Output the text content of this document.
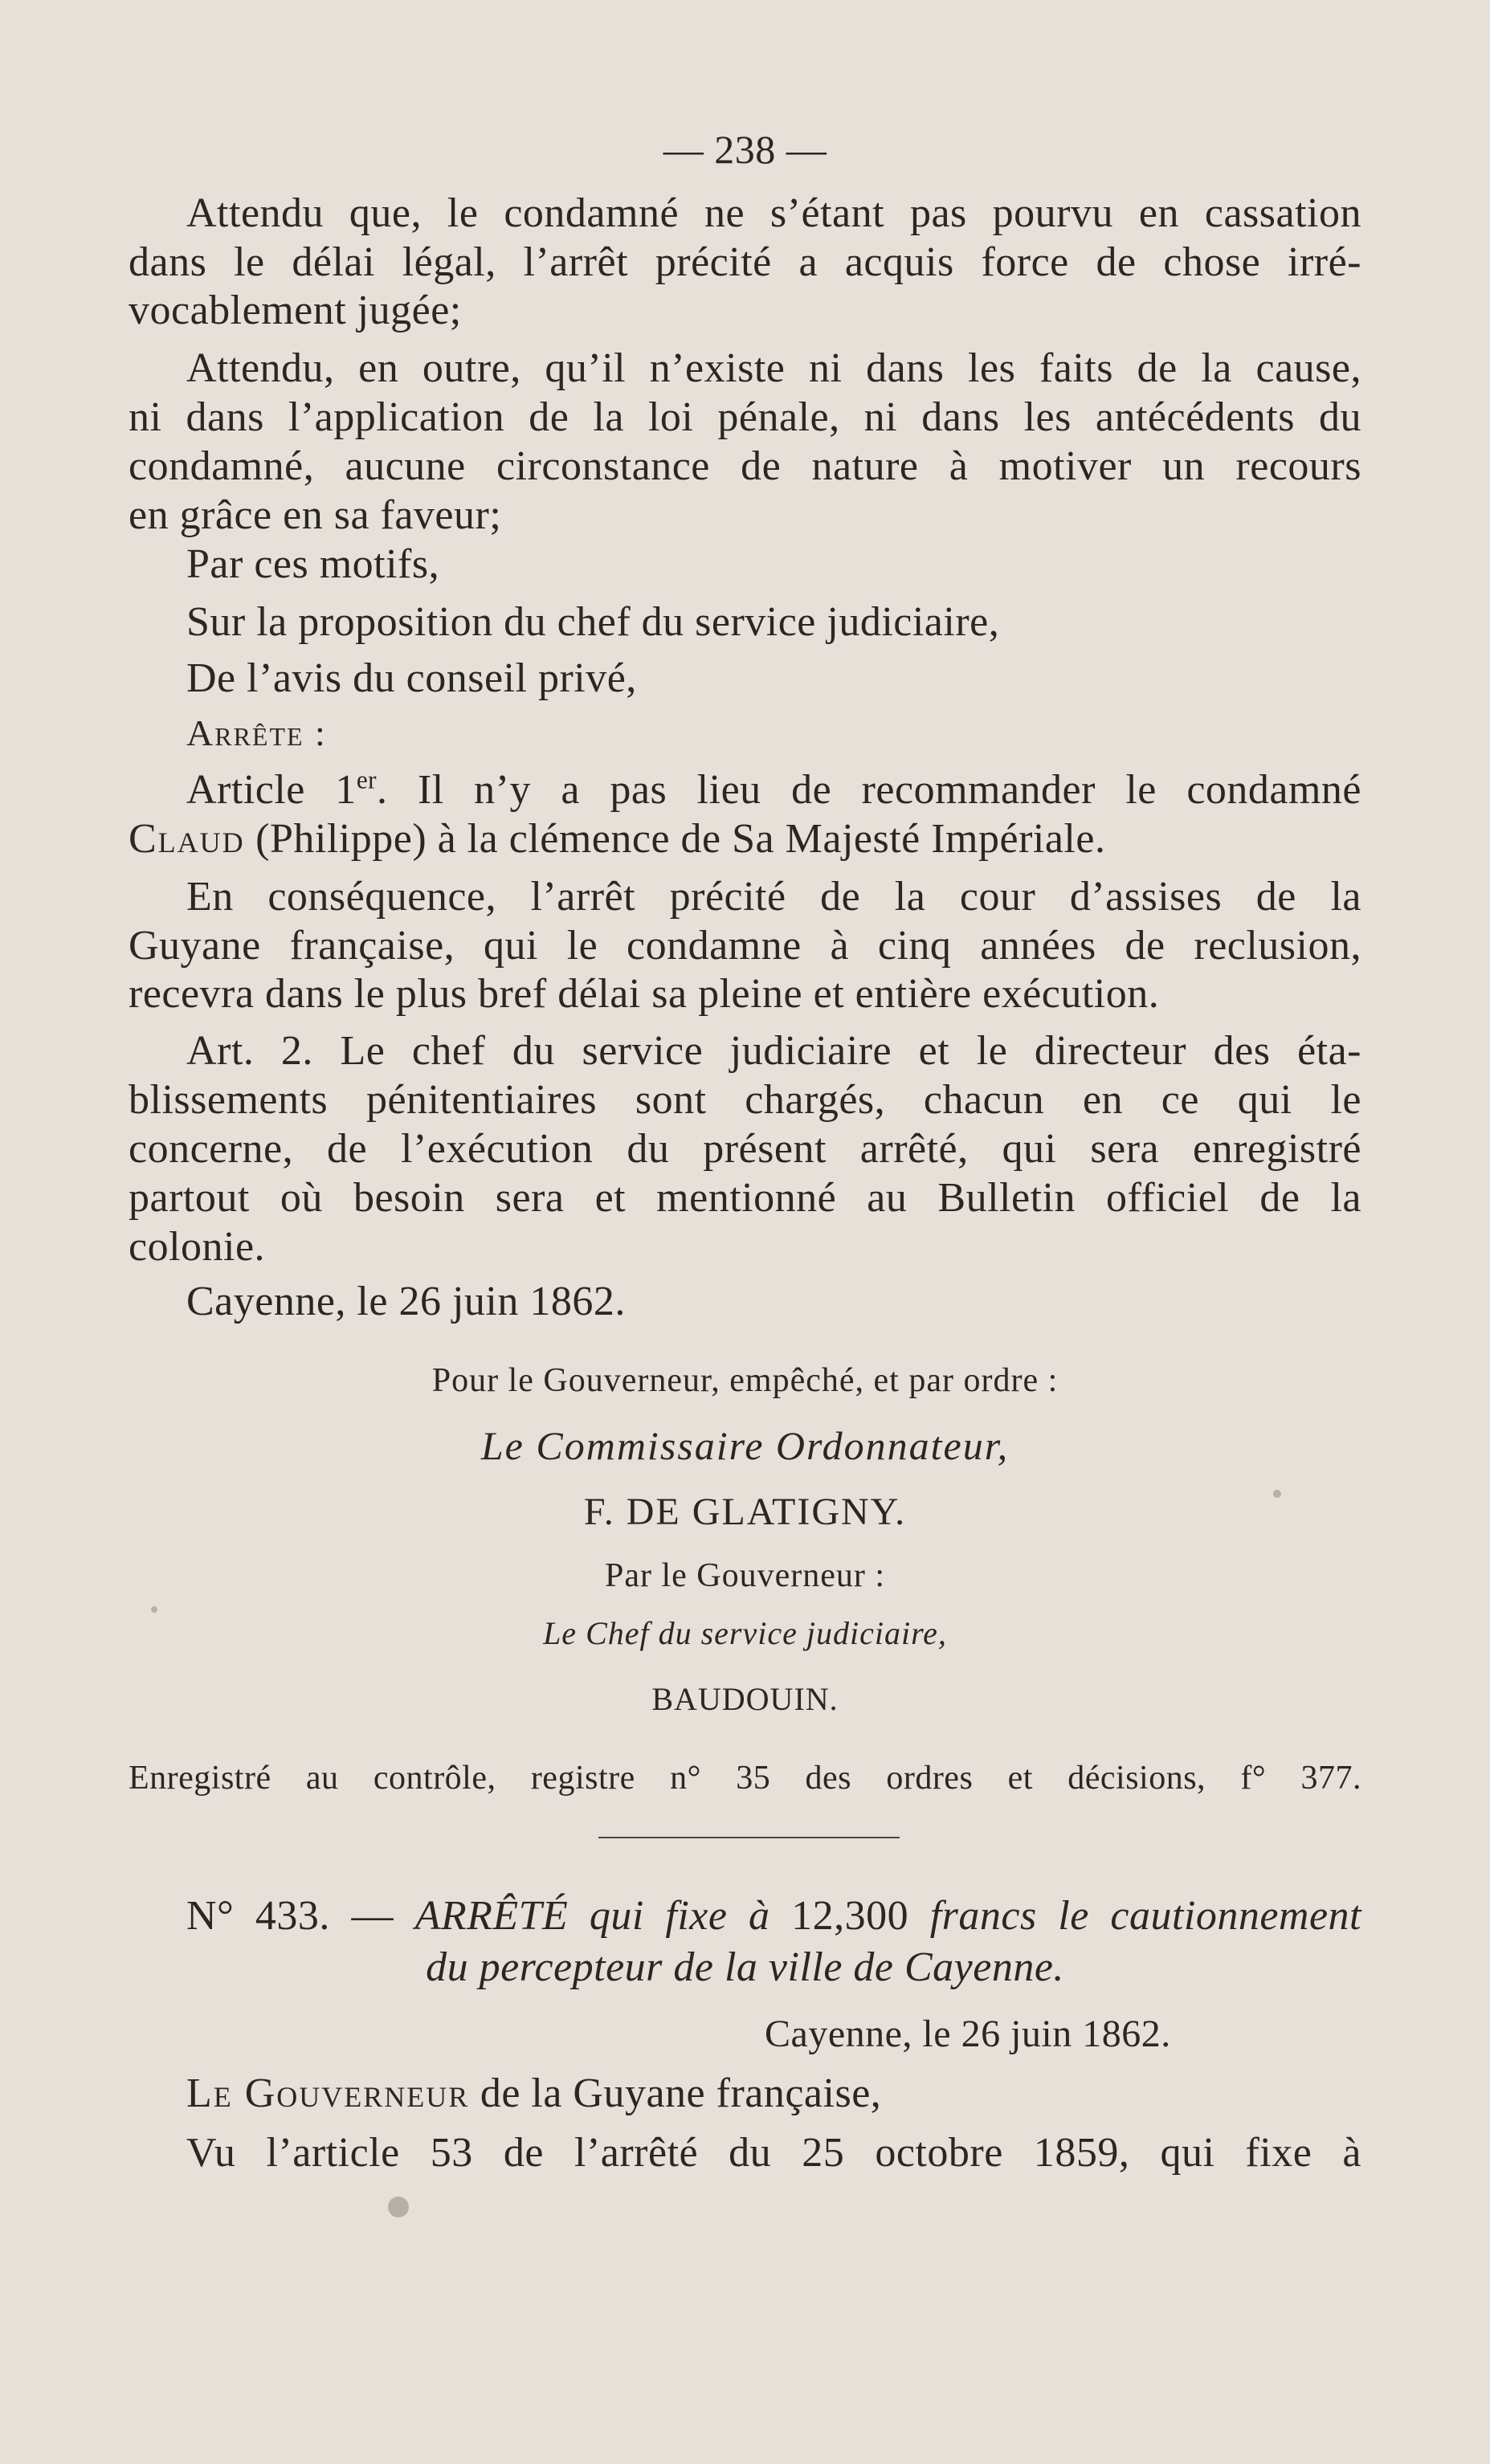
— 238 —
Attendu que, le condamné ne s’étant pas pourvu en cassation
dans le délai légal, l’arrêt précité a acquis force de chose irré-
vocablement jugée;
Attendu, en outre, qu’il n’existe ni dans les faits de la cause,
ni dans l’application de la loi pénale, ni dans les antécédents du
condamné, aucune circonstance de nature à motiver un recours
en grâce en sa faveur;
Par ces motifs,
Sur la proposition du chef du service judiciaire,
De l’avis du conseil privé,
Arrête :
Article 1er. Il n’y a pas lieu de recommander le condamné
Claud (Philippe) à la clémence de Sa Majesté Impériale.
En conséquence, l’arrêt précité de la cour d’assises de la
Guyane française, qui le condamne à cinq années de reclusion,
recevra dans le plus bref délai sa pleine et entière exécution.
Art. 2. Le chef du service judiciaire et le directeur des éta-
blissements pénitentiaires sont chargés, chacun en ce qui le
concerne, de l’exécution du présent arrêté, qui sera enregistré
partout où besoin sera et mentionné au Bulletin officiel de la
colonie.
Cayenne, le 26 juin 1862.
Pour le Gouverneur, empêché, et par ordre :
Le Commissaire Ordonnateur,
F. DE GLATIGNY.
Par le Gouverneur :
Le Chef du service judiciaire,
BAUDOUIN.
Enregistré au contrôle, registre n° 35 des ordres et décisions, f° 377.
N° 433. — ARRÊTÉ qui fixe à 12,300 francs le cautionnement
du percepteur de la ville de Cayenne.
Cayenne, le 26 juin 1862.
Le Gouverneur de la Guyane française,
Vu l’article 53 de l’arrêté du 25 octobre 1859, qui fixe à
